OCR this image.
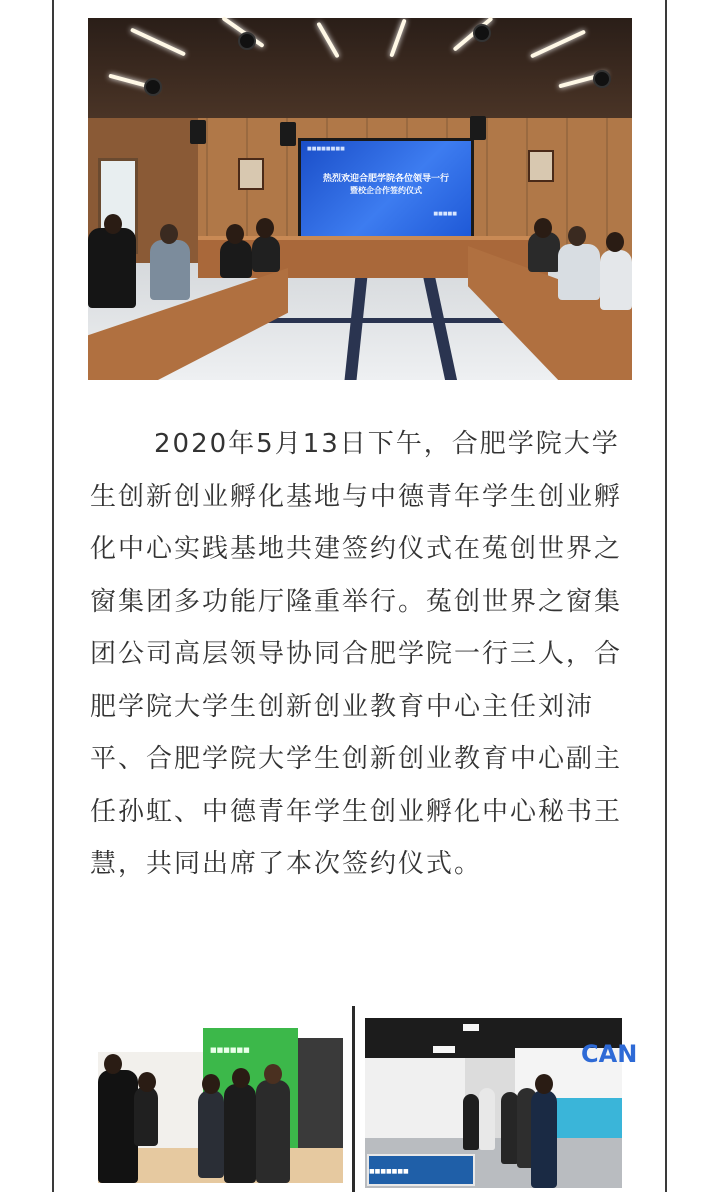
■■■■■■■■
热烈欢迎合肥学院各位领导一行
暨校企合作签约仪式
■■■■■

2020年5月13日下午，合肥学院大学生创新创业孵化基地与中德青年学生创业孵化中心实践基地共建签约仪式在菟创世界之窗集团多功能厅隆重举行。菟创世界之窗集团公司高层领导协同合肥学院一行三人，合肥学院大学生创新创业教育中心主任刘沛平、合肥学院大学生创新创业教育中心副主任孙虹、中德青年学生创业孵化中心秘书王慧，共同出席了本次签约仪式。

■■■■■■	CAN
■■■■■■■
